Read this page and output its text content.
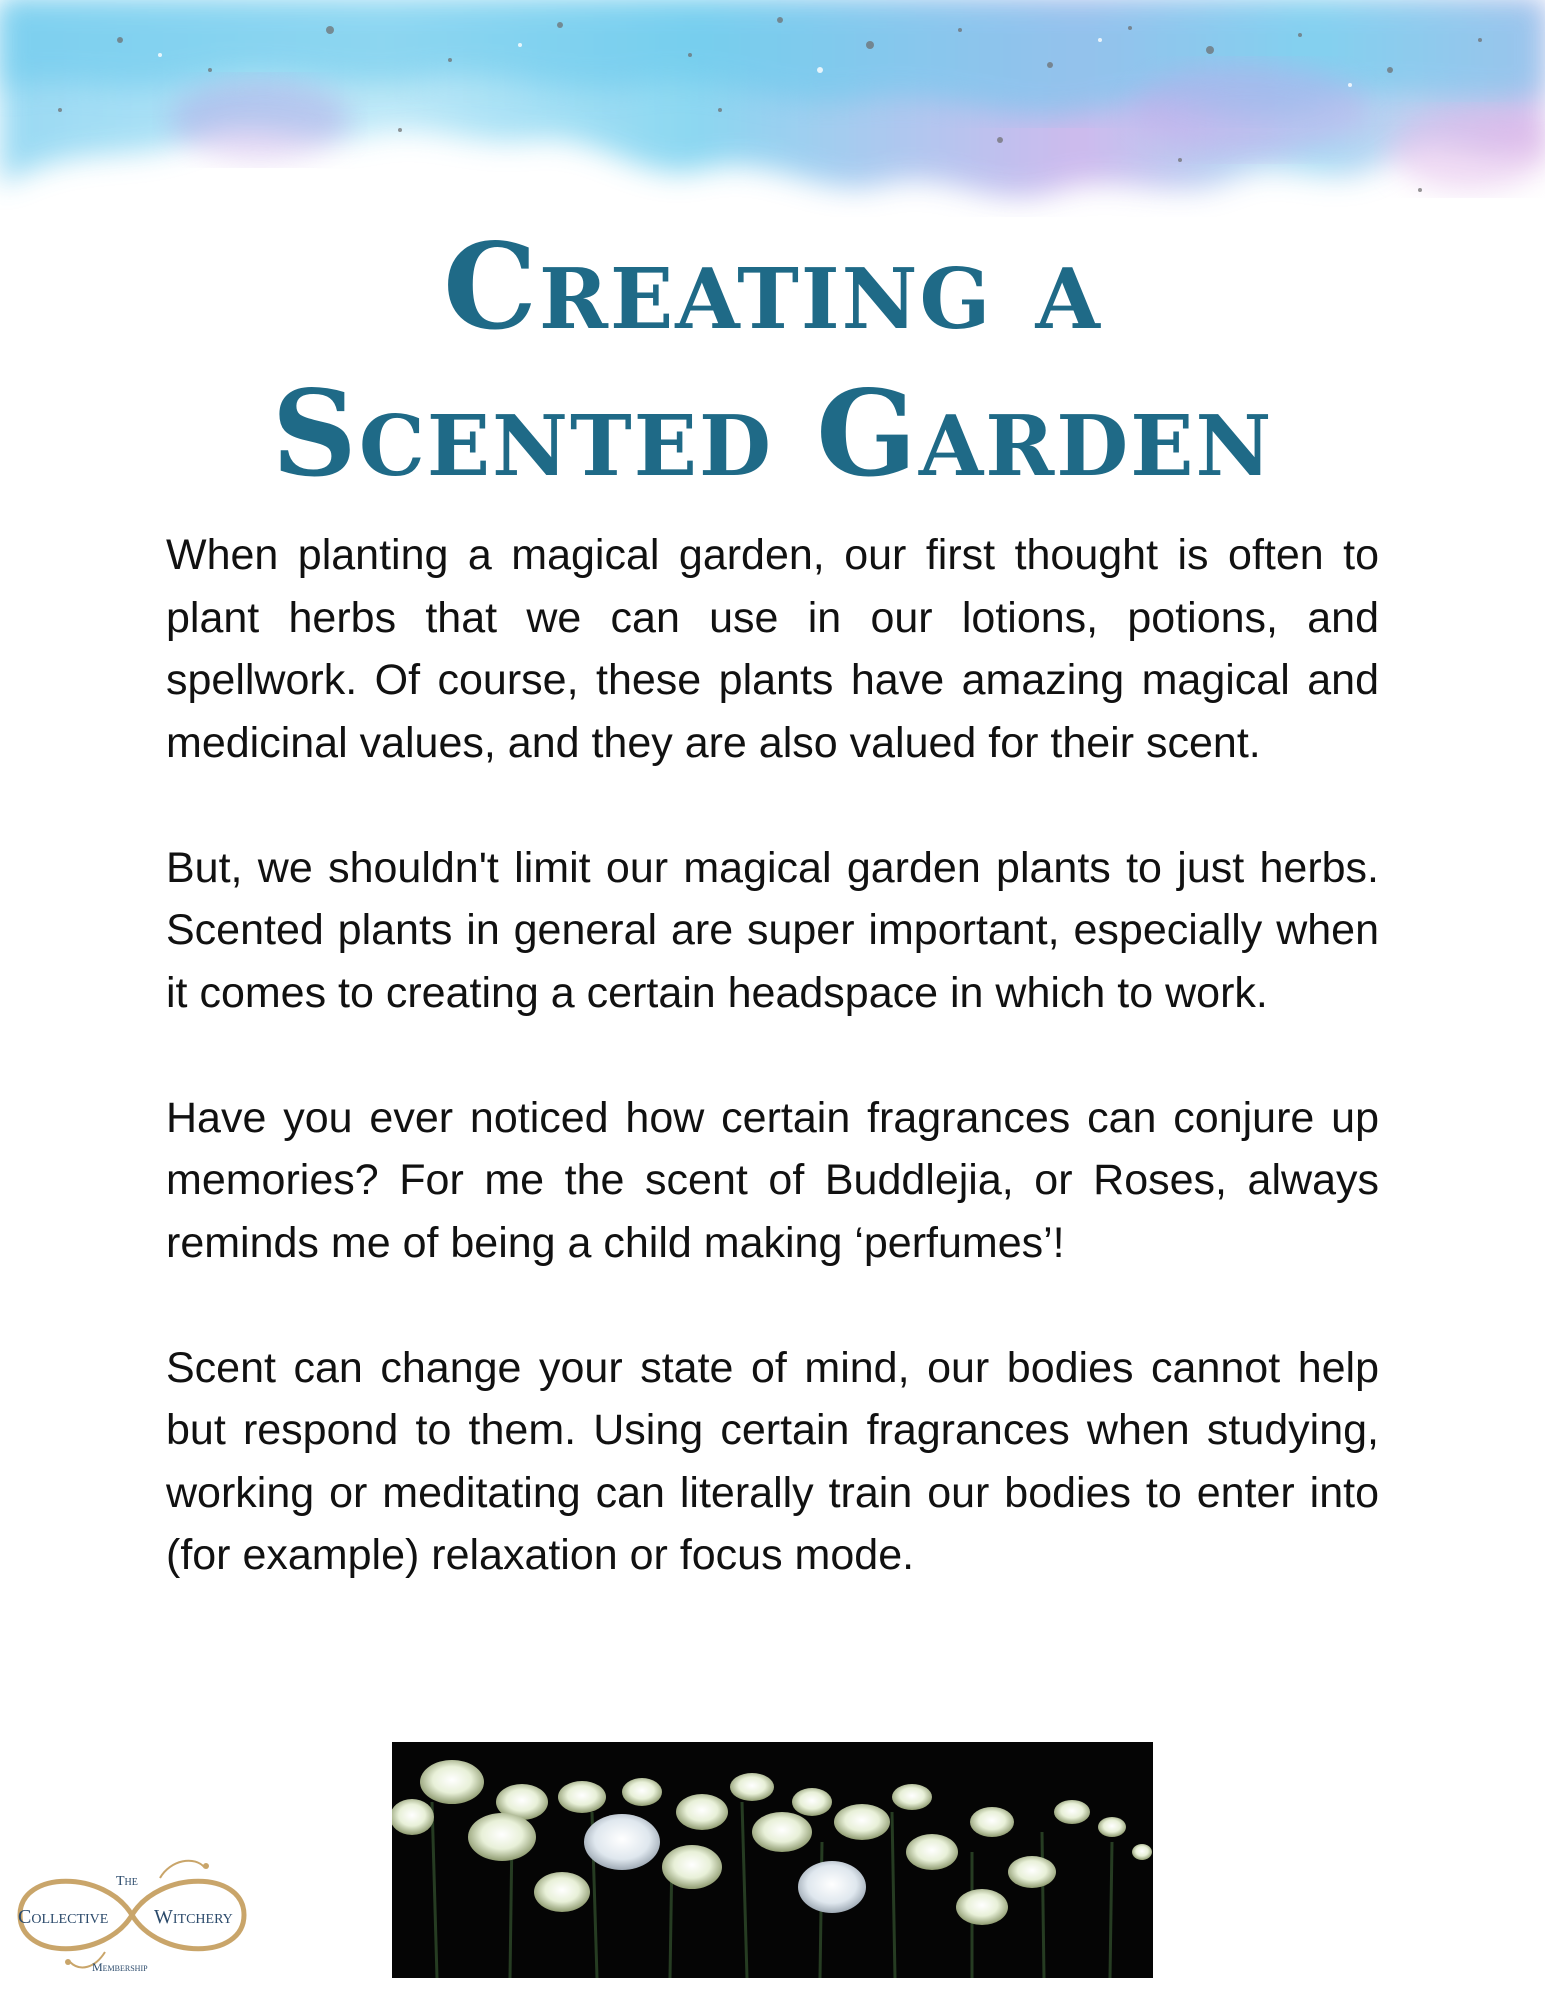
Creating a
Scented Garden

When planting a magical garden, our first thought is often to plant herbs that we can use in our lotions, potions, and spellwork. Of course, these plants have amazing magical and medicinal values, and they are also valued for their scent.

But, we shouldn't limit our magical garden plants to just herbs. Scented plants in general are super important, especially when it comes to creating a certain headspace in which to work.

Have you ever noticed how certain fragrances can conjure up memories? For me the scent of Buddlejia, or Roses, always reminds me of being a child making ‘perfumes’!

Scent can change your state of mind, our bodies cannot help but respond to them. Using certain fragrances when studying, working or meditating can literally train our bodies to enter into (for example) relaxation or focus mode.

The
Collective Witchery
Membership
